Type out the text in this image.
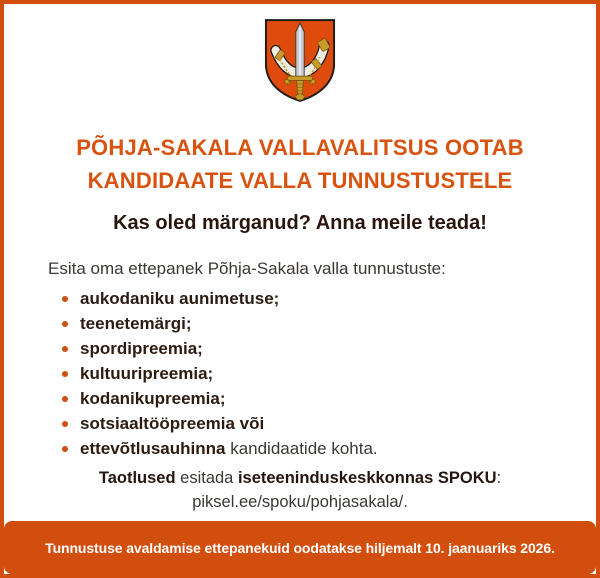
PÕHJA-SAKALA VALLAVALITSUS OOTAB
KANDIDAATE VALLA TUNNUSTUSTELE
Kas oled märganud? Anna meile teada!

Esita oma ettepanek Põhja-Sakala valla tunnustuste:

aukodaniku aunimetuse;
teenetemärgi;
spordipreemia;
kultuuripreemia;
kodanikupreemia;
sotsiaaltööpreemia või
ettevõtlusauhinna kandidaatide kohta.

Taotlused esitada iseteeninduskeskkonnas SPOKU:
piksel.ee/spoku/pohjasakala/.

Tunnustuse avaldamise ettepanekuid oodatakse hiljemalt 10. jaanuariks 2026.
